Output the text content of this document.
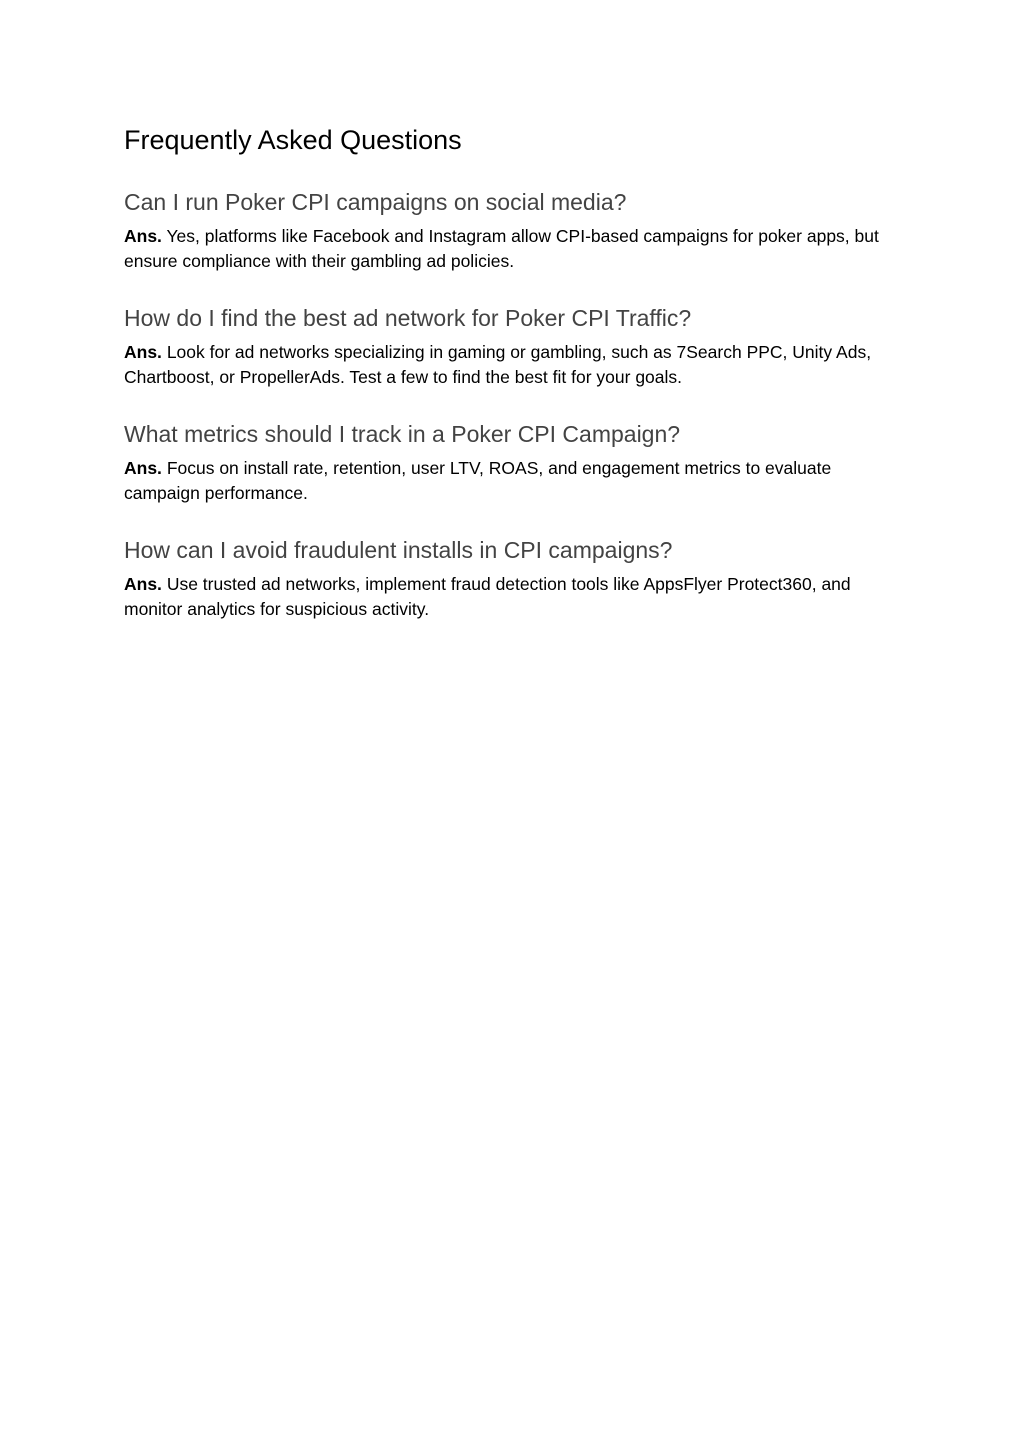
Frequently Asked Questions
Can I run Poker CPI campaigns on social media?

Ans. Yes, platforms like Facebook and Instagram allow CPI-based campaigns for poker apps, but ensure compliance with their gambling ad policies.

How do I find the best ad network for Poker CPI Traffic?

Ans. Look for ad networks specializing in gaming or gambling, such as 7Search PPC, Unity Ads, Chartboost, or PropellerAds. Test a few to find the best fit for your goals.

What metrics should I track in a Poker CPI Campaign?

Ans. Focus on install rate, retention, user LTV, ROAS, and engagement metrics to evaluate campaign performance.

How can I avoid fraudulent installs in CPI campaigns?

Ans. Use trusted ad networks, implement fraud detection tools like AppsFlyer Protect360, and monitor analytics for suspicious activity.
